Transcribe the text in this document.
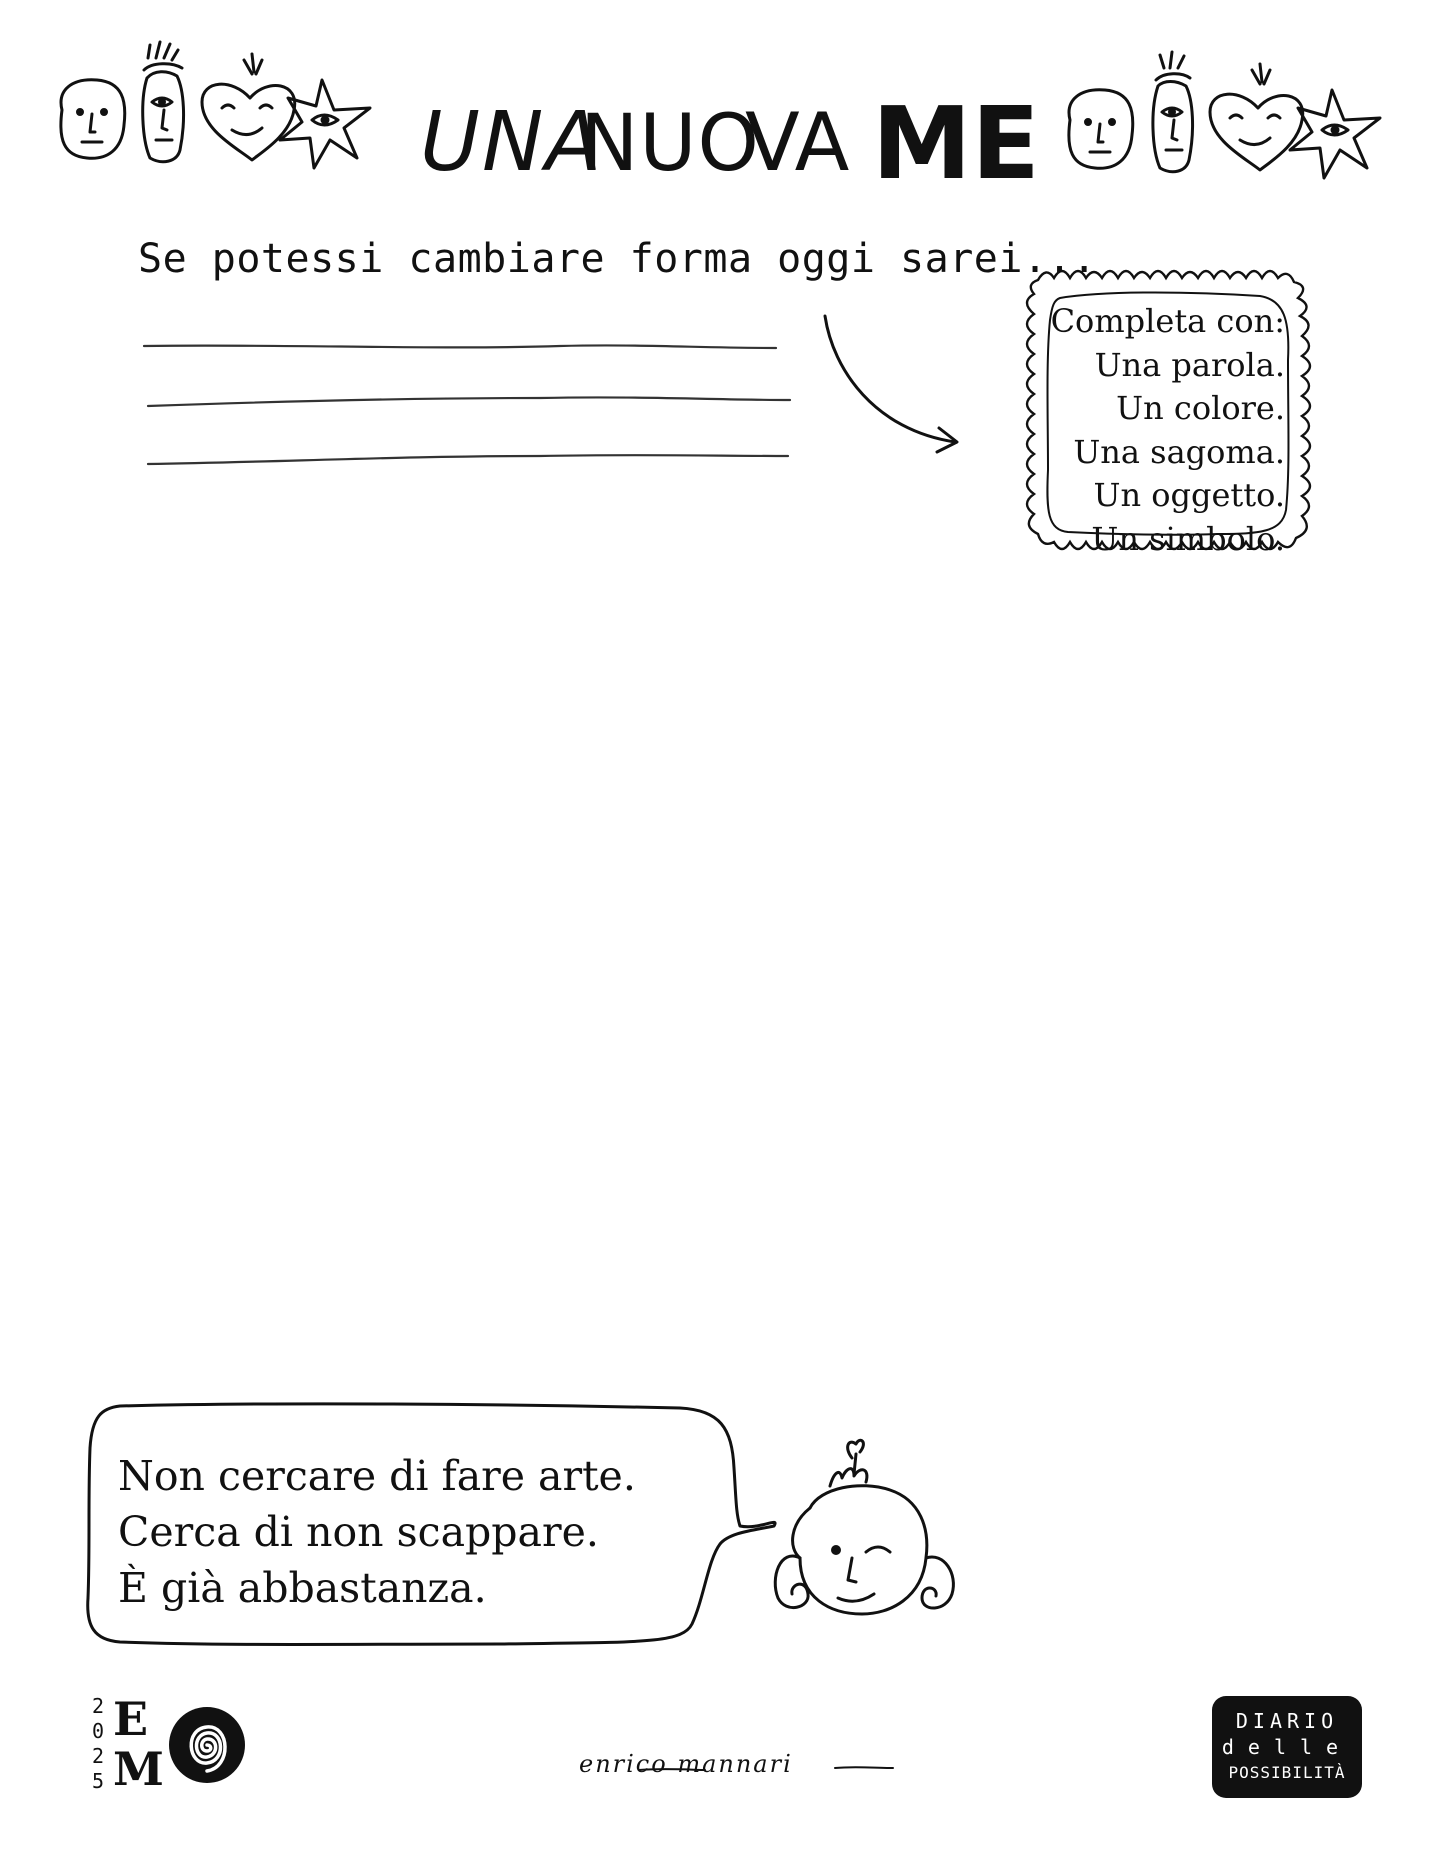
UNA
NUO
VA ME
Se potessi cambiare forma oggi sarei...
Completa con:
Una parola.
Un colore.
Una sagoma.
Un oggetto.
Un simbolo.
Non cercare di fare arte.
Cerca di non scappare.
È già abbastanza.
2
0
2
5
E
M	enrico mannari
DIARIO
delle
POSSIBILITÀ
